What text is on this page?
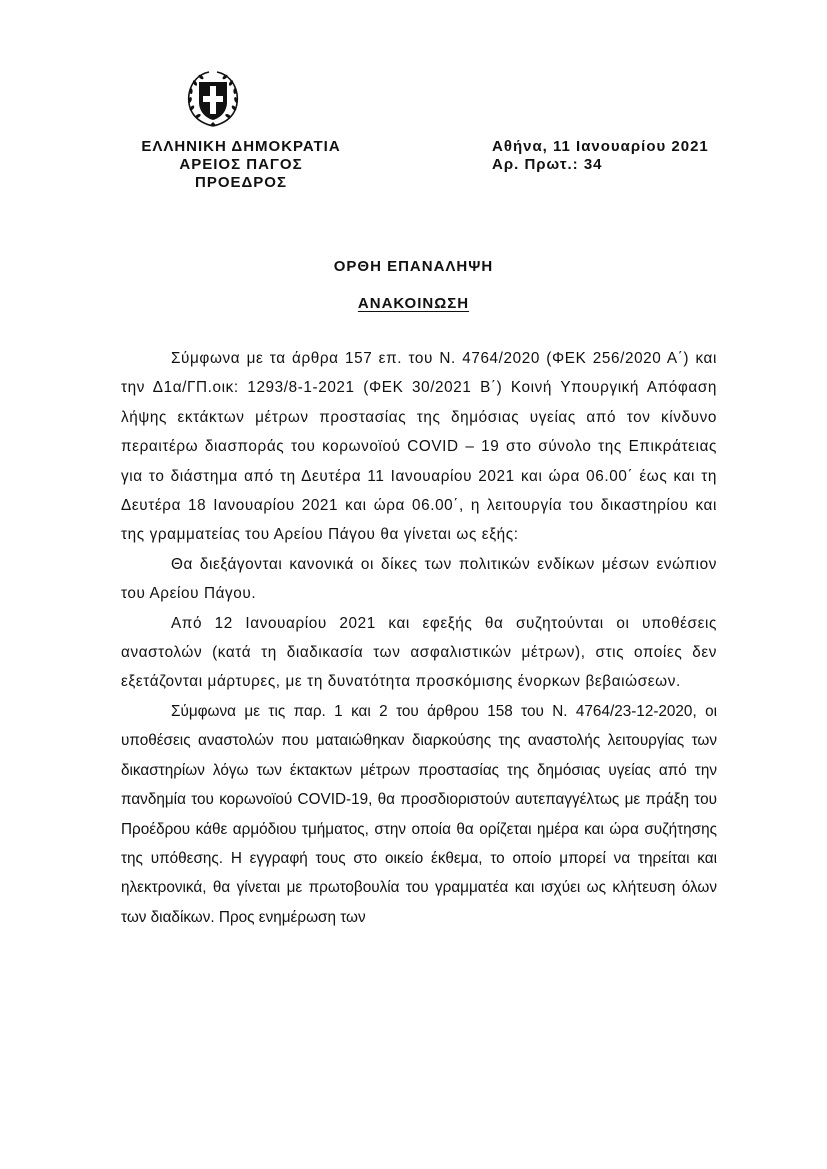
ΕΛΛΗΝΙΚΗ ΔΗΜΟΚΡΑΤΙΑ
ΑΡΕΙΟΣ ΠΑΓΟΣ
ΠΡΟΕΔΡΟΣ
Αθήνα, 11 Ιανουαρίου 2021
Αρ. Πρωτ.: 34
ΟΡΘΗ ΕΠΑΝΑΛΗΨΗ
ΑΝΑΚΟΙΝΩΣΗ

Σύμφωνα με τα άρθρα 157 επ. του Ν. 4764/2020 (ΦΕΚ 256/2020 Α΄) και την Δ1α/ΓΠ.οικ: 1293/8-1-2021 (ΦΕΚ 30/2021 Β΄) Κοινή Υπουργική Απόφαση λήψης εκτάκτων μέτρων προστασίας της δημόσιας υγείας από τον κίνδυνο περαιτέρω διασποράς του κορωνοϊού COVID – 19 στο σύνολο της Επικράτειας για το διάστημα από τη Δευτέρα 11 Ιανουαρίου 2021 και ώρα 06.00΄ έως και τη Δευτέρα 18 Ιανουαρίου 2021 και ώρα 06.00΄, η λειτουργία του δικαστηρίου και της γραμματείας του Αρείου Πάγου θα γίνεται ως εξής:

Θα διεξάγονται κανονικά οι δίκες των πολιτικών ενδίκων μέσων ενώπιον του Αρείου Πάγου.

Από 12 Ιανουαρίου 2021 και εφεξής θα συζητούνται οι υποθέσεις αναστολών (κατά τη διαδικασία των ασφαλιστικών μέτρων), στις οποίες δεν εξετάζονται μάρτυρες, με τη δυνατότητα προσκόμισης ένορκων βεβαιώσεων.

Σύμφωνα με τις παρ. 1 και 2 του άρθρου 158 του Ν. 4764/23-12-2020, οι υποθέσεις αναστολών που ματαιώθηκαν διαρκούσης της αναστολής λειτουργίας των δικαστηρίων λόγω των έκτακτων μέτρων προστασίας της δημόσιας υγείας από την πανδημία του κορωνοϊού COVID-19, θα προσδιοριστούν αυτεπαγγέλτως με πράξη του Προέδρου κάθε αρμόδιου τμήματος, στην οποία θα ορίζεται ημέρα και ώρα συζήτησης της υπόθεσης. Η εγγραφή τους στο οικείο έκθεμα, το οποίο μπορεί να τηρείται και ηλεκτρονικά, θα γίνεται με πρωτοβουλία του γραμματέα και ισχύει ως κλήτευση όλων των διαδίκων. Προς ενημέρωση των
